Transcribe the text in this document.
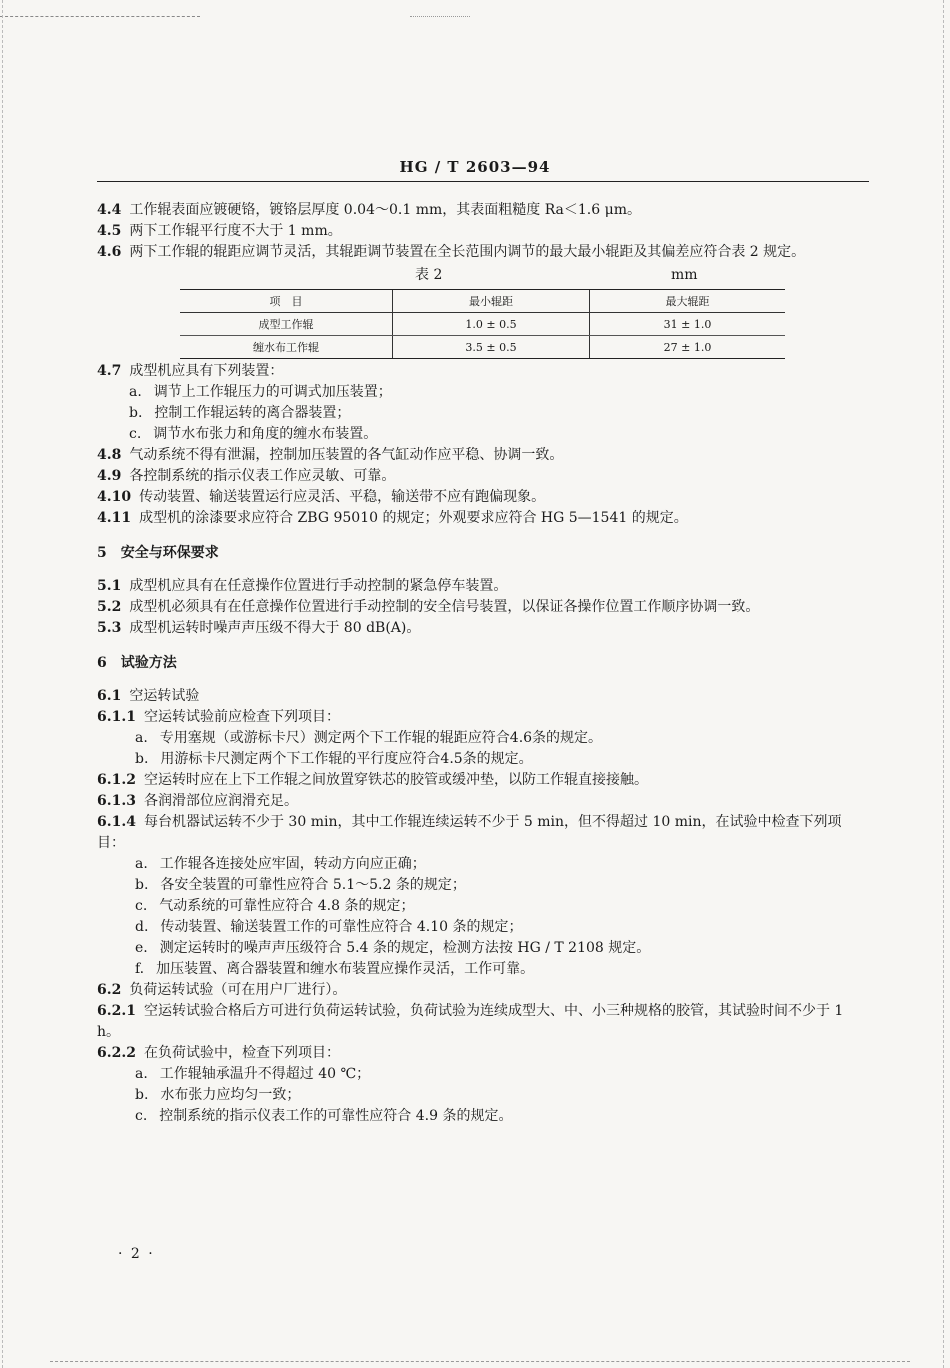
HG / T 2603—94

4.4 工作辊表面应镀硬铬，镀铬层厚度 0.04～0.1 mm，其表面粗糙度 Ra＜1.6 μm。

4.5 两下工作辊平行度不大于 1 mm。

4.6 两下工作辊的辊距应调节灵活，其辊距调节装置在全长范围内调节的最大最小辊距及其偏差应符合表 2 规定。

表 2	mm
项　目	最小辊距	最大辊距
成型工作辊	1.0 ± 0.5	31 ± 1.0
缠水布工作辊	3.5 ± 0.5	27 ± 1.0

4.7 成型机应具有下列装置：

a. 调节上工作辊压力的可调式加压装置；

b. 控制工作辊运转的离合器装置；

c. 调节水布张力和角度的缠水布装置。

4.8 气动系统不得有泄漏，控制加压装置的各气缸动作应平稳、协调一致。

4.9 各控制系统的指示仪表工作应灵敏、可靠。

4.10 传动装置、输送装置运行应灵活、平稳，输送带不应有跑偏现象。

4.11 成型机的涂漆要求应符合 ZBG 95010 的规定；外观要求应符合 HG 5—1541 的规定。

5　安全与环保要求

5.1 成型机应具有在任意操作位置进行手动控制的紧急停车装置。

5.2 成型机必须具有在任意操作位置进行手动控制的安全信号装置，以保证各操作位置工作顺序协调一致。

5.3 成型机运转时噪声声压级不得大于 80 dB(A)。

6　试验方法

6.1 空运转试验

6.1.1 空运转试验前应检查下列项目：

a. 专用塞规（或游标卡尺）测定两个下工作辊的辊距应符合4.6条的规定。

b. 用游标卡尺测定两个下工作辊的平行度应符合4.5条的规定。

6.1.2 空运转时应在上下工作辊之间放置穿铁芯的胶管或缓冲垫，以防工作辊直接接触。

6.1.3 各润滑部位应润滑充足。

6.1.4 每台机器试运转不少于 30 min，其中工作辊连续运转不少于 5 min，但不得超过 10 min，在试验中检查下列项目：

a. 工作辊各连接处应牢固，转动方向应正确；

b. 各安全装置的可靠性应符合 5.1～5.2 条的规定；

c. 气动系统的可靠性应符合 4.8 条的规定；

d. 传动装置、输送装置工作的可靠性应符合 4.10 条的规定；

e. 测定运转时的噪声声压级符合 5.4 条的规定，检测方法按 HG / T 2108 规定。

f. 加压装置、离合器装置和缠水布装置应操作灵活，工作可靠。

6.2 负荷运转试验（可在用户厂进行）。

6.2.1 空运转试验合格后方可进行负荷运转试验，负荷试验为连续成型大、中、小三种规格的胶管，其试验时间不少于 1 h。

6.2.2 在负荷试验中，检查下列项目：

a. 工作辊轴承温升不得超过 40 ℃；

b. 水布张力应均匀一致；

c. 控制系统的指示仪表工作的可靠性应符合 4.9 条的规定。

· 2 ·
